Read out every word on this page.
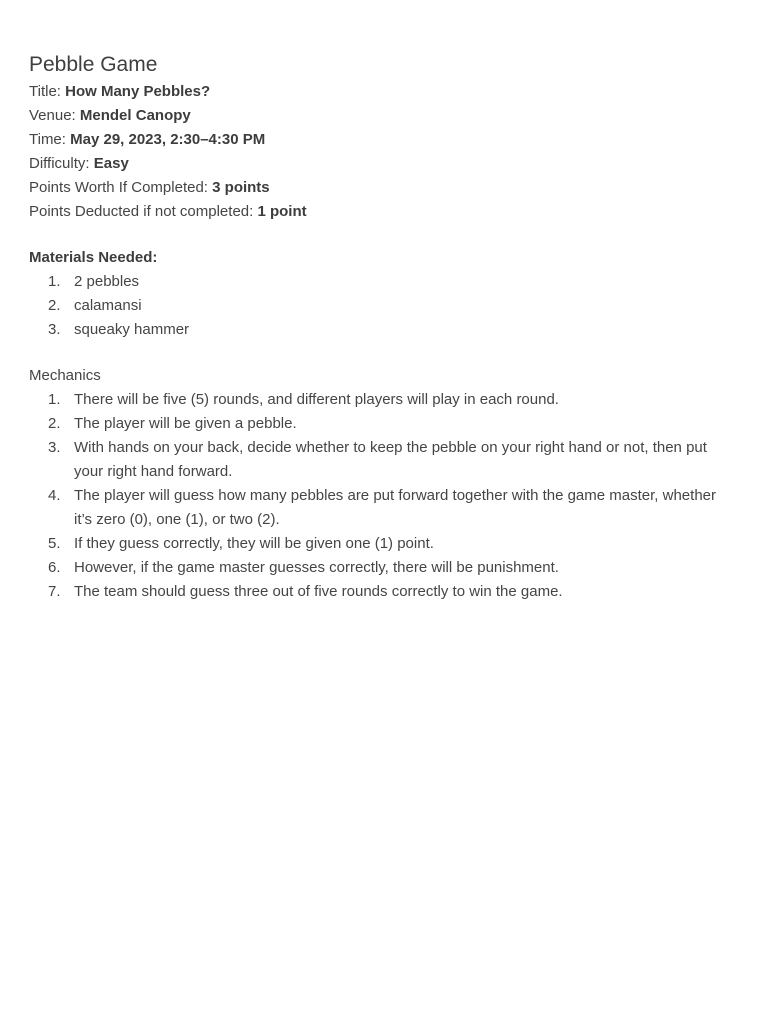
Pebble Game

Title: How Many Pebbles?

Venue: Mendel Canopy

Time: May 29, 2023, 2:30–4:30 PM

Difficulty: Easy

Points Worth If Completed: 3 points

Points Deducted if not completed: 1 point

Materials Needed:

1. 2 pebbles
2. calamansi
3. squeaky hammer

Mechanics

1. There will be five (5) rounds, and different players will play in each round.
2. The player will be given a pebble.
3. With hands on your back, decide whether to keep the pebble on your right hand or not, then put your right hand forward.
4. The player will guess how many pebbles are put forward together with the game master, whether it’s zero (0), one (1), or two (2).
5. If they guess correctly, they will be given one (1) point.
6. However, if the game master guesses correctly, there will be punishment.
7. The team should guess three out of five rounds correctly to win the game.
